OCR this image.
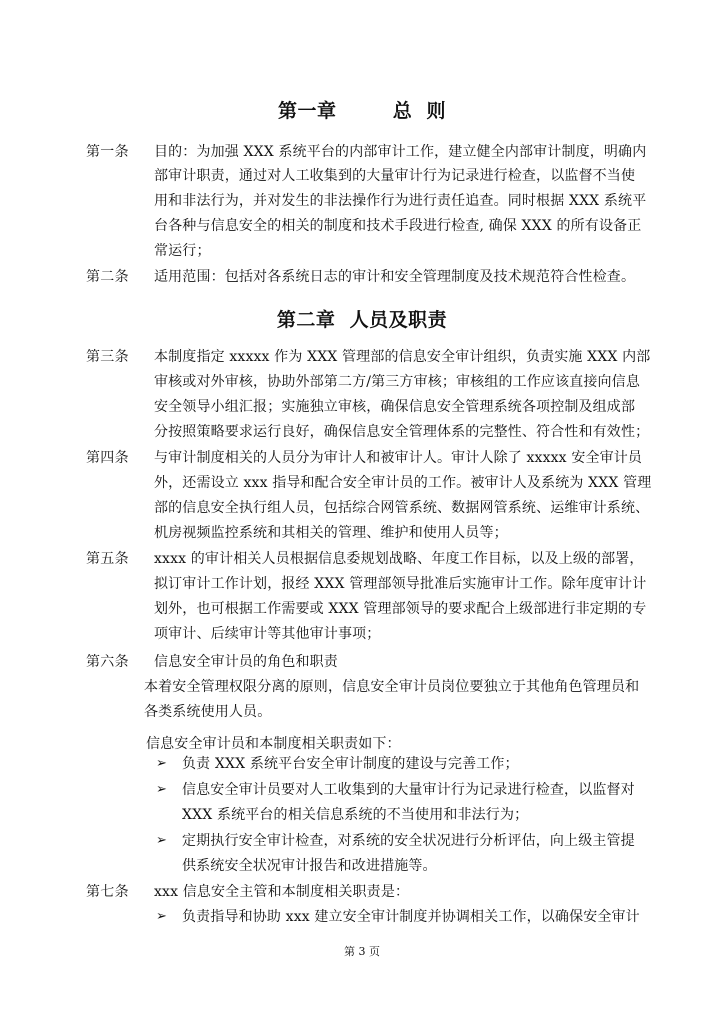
第一章	总  则
第一条 目的：为加强 XXX 系统平台的内部审计工作，建立健全内部审计制度，明确内
部审计职责，通过对人工收集到的大量审计行为记录进行检查，以监督不当使
用和非法行为，并对发生的非法操作行为进行责任追查。同时根据 XXX 系统平
台各种与信息安全的相关的制度和技术手段进行检查, 确保 XXX 的所有设备正
常运行；
第二条 适用范围：包括对各系统日志的审计和安全管理制度及技术规范符合性检查。
第二章  人员及职责
第三条 本制度指定 xxxxx 作为 XXX 管理部的信息安全审计组织，负责实施 XXX 内部
审核或对外审核，协助外部第二方/第三方审核；审核组的工作应该直接向信息
安全领导小组汇报；实施独立审核，确保信息安全管理系统各项控制及组成部
分按照策略要求运行良好，确保信息安全管理体系的完整性、符合性和有效性；
第四条 与审计制度相关的人员分为审计人和被审计人。审计人除了 xxxxx 安全审计员
外，还需设立 xxx 指导和配合安全审计员的工作。被审计人及系统为 XXX 管理
部的信息安全执行组人员，包括综合网管系统、数据网管系统、运维审计系统、
机房视频监控系统和其相关的管理、维护和使用人员等；
第五条 xxxx 的审计相关人员根据信息委规划战略、年度工作目标，以及上级的部署，
拟订审计工作计划，报经 XXX 管理部领导批准后实施审计工作。除年度审计计
划外，也可根据工作需要或 XXX 管理部领导的要求配合上级部进行非定期的专
项审计、后续审计等其他审计事项；
第六条 信息安全审计员的角色和职责
本着安全管理权限分离的原则，信息安全审计员岗位要独立于其他角色管理员和
各类系统使用人员。
信息安全审计员和本制度相关职责如下：
➢ 负责 XXX 系统平台安全审计制度的建设与完善工作；
➢ 信息安全审计员要对人工收集到的大量审计行为记录进行检查，以监督对
XXX 系统平台的相关信息系统的不当使用和非法行为；
➢ 定期执行安全审计检查，对系统的安全状况进行分析评估，向上级主管提
供系统安全状况审计报告和改进措施等。
第七条 xxx 信息安全主管和本制度相关职责是：
➢ 负责指导和协助 xxx 建立安全审计制度并协调相关工作，以确保安全审计
第 3 页
